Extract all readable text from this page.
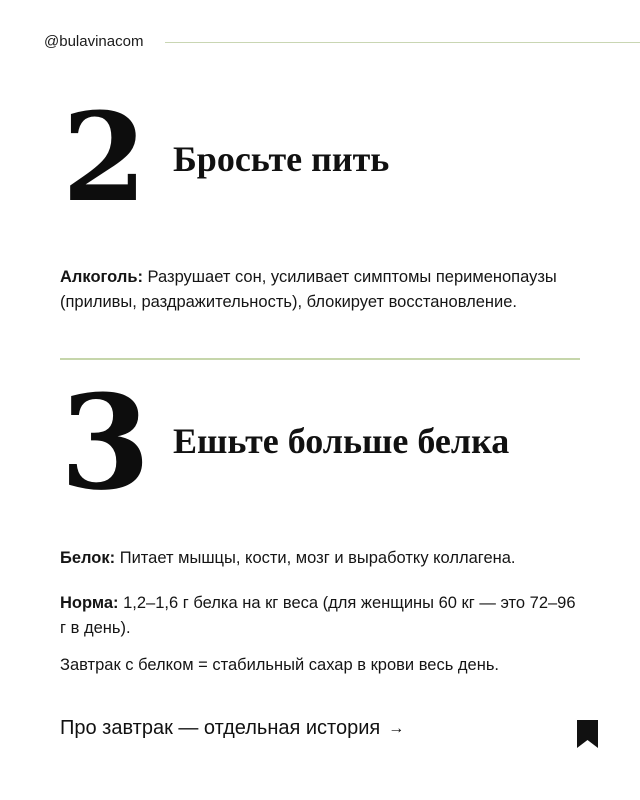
@bulavinacom
2 Бросьте пить
Алкоголь: Разрушает сон, усиливает симптомы перименопаузы (приливы, раздражительность), блокирует восстановление.
3 Ешьте больше белка
Белок: Питает мышцы, кости, мозг и выработку коллагена.
Норма: 1,2–1,6 г белка на кг веса (для женщины 60 кг — это 72–96 г в день).
Завтрак с белком = стабильный сахар в крови весь день.
Про завтрак — отдельная история →
